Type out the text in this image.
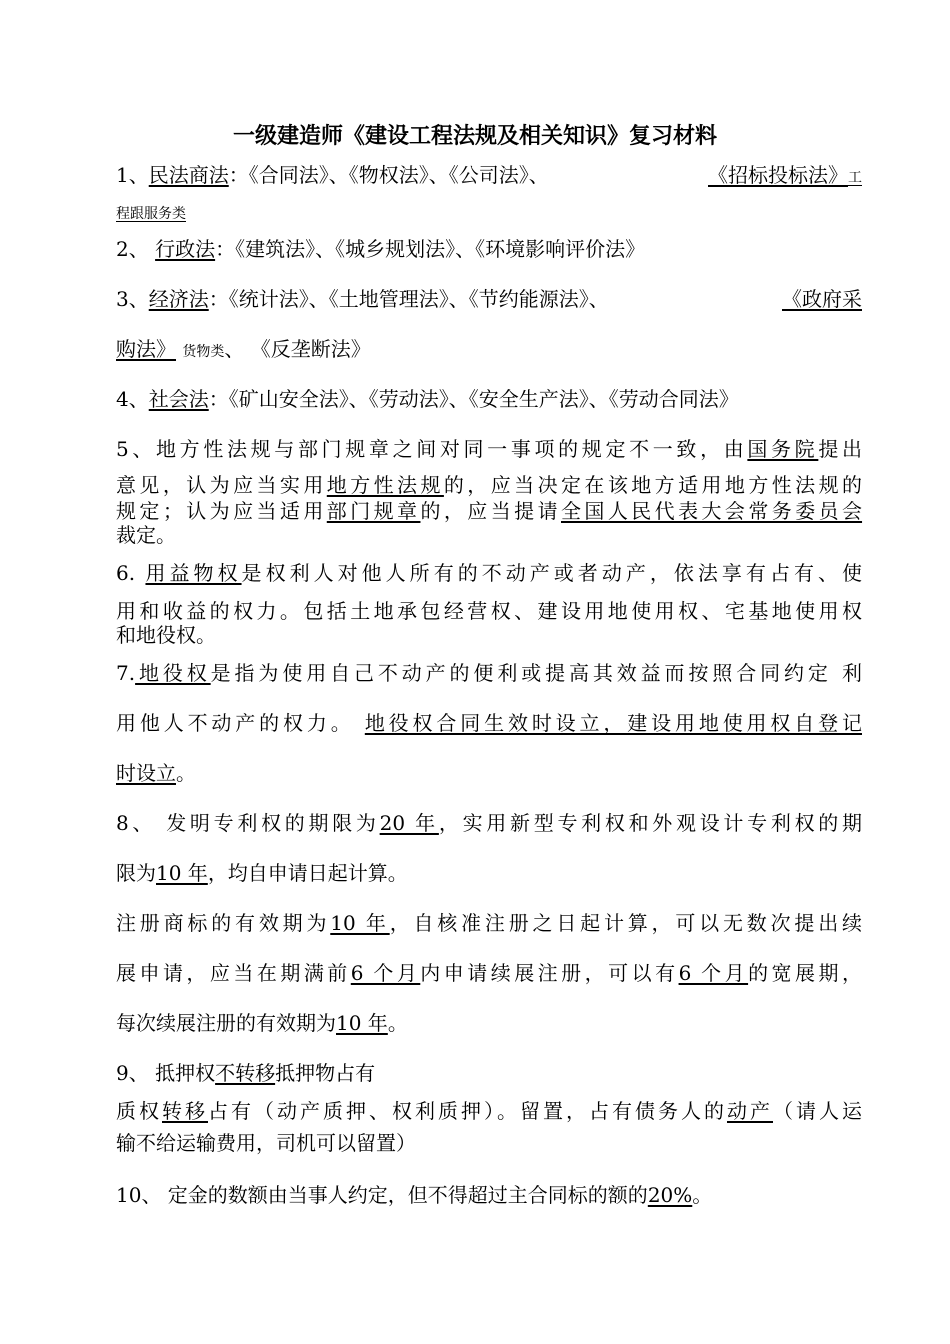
一级建造师《建设工程法规及相关知识》复习材料
1、民法商法：《合同法》、《物权法》、《公司法》、	《招标投标法》工
程跟服务类
2、 行政法：《建筑法》、《城乡规划法》、《环境影响评价法》
3、经济法：《统计法》、《土地管理法》、《节约能源法》、	《政府采
购法》 货物类、 《反垄断法》
4、社会法：《矿山安全法》、《劳动法》、《安全生产法》、《劳动合同法》
5、地方性法规与部门规章之间对同一事项的规定不一致，由国务院提出
意见，认为应当实用地方性法规的，应当决定在该地方适用地方性法规的
规定；认为应当适用部门规章的，应当提请全国人民代表大会常务委员会
裁定。
6. 用益物权是权利人对他人所有的不动产或者动产，依法享有占有、使
用和收益的权力。包括土地承包经营权、建设用地使用权、宅基地使用权
和地役权。
7.地役权是指为使用自己不动产的便利或提高其效益而按照合同约定 利
用他人不动产的权力。 地役权合同生效时设立，建设用地使用权自登记
时设立。
8、 发明专利权的期限为20 年，实用新型专利权和外观设计专利权的期
限为10 年，均自申请日起计算。
注册商标的有效期为10 年，自核准注册之日起计算，可以无数次提出续
展申请，应当在期满前6 个月内申请续展注册，可以有6 个月的宽展期，
每次续展注册的有效期为10 年。
9、 抵押权不转移抵押物占有
质权转移占有（动产质押、权利质押）。留置，占有债务人的动产（请人运
输不给运输费用，司机可以留置）
10、 定金的数额由当事人约定，但不得超过主合同标的额的20%。
